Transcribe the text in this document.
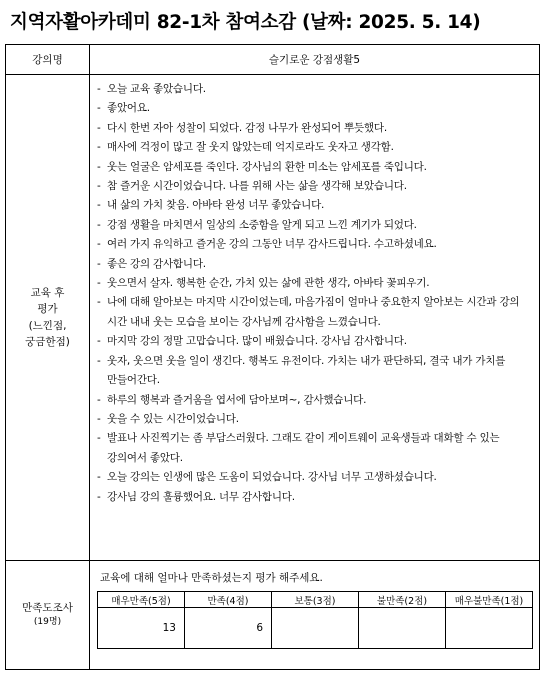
지역자활아카데미 82-1차 참여소감 (날짜: 2025. 5. 14)
강의명	슬기로운 강점생활5

교육 후
평가
(느낀점,
궁금한점)

- 오늘 교육 좋았습니다.
- 좋았어요.
- 다시 한번 자아 성찰이 되었다. 감정 나무가 완성되어 뿌듯했다.
- 매사에 걱정이 많고 잘 웃지 않았는데 억지로라도 웃자고 생각함.
- 웃는 얼굴은 암세포를 죽인다. 강사님의 환한 미소는 암세포를 죽입니다.
- 참 즐거운 시간이었습니다. 나를 위해 사는 삶을 생각해 보았습니다.
- 내 삶의 가치 찾음. 아바타 완성 너무 좋았습니다.
- 강점 생활을 마치면서 일상의 소중함을 알게 되고 느낀 계기가 되었다.
- 여러 가지 유익하고 즐거운 강의 그동안 너무 감사드립니다. 수고하셨네요.
- 좋은 강의 감사합니다.
- 웃으면서 살자. 행복한 순간, 가치 있는 삶에 관한 생각, 아바타 꽃피우기.
- 나에 대해 알아보는 마지막 시간이었는데, 마음가짐이 얼마나 중요한지 알아보는 시간과 강의 시간 내내 웃는 모습을 보이는 강사님께 감사함을 느꼈습니다.
- 마지막 강의 정말 고맙습니다. 많이 배웠습니다. 강사님 감사합니다.
- 웃자, 웃으면 웃을 일이 생긴다. 행복도 유전이다. 가치는 내가 판단하되, 결국 내가 가치를 만들어간다.
- 하루의 행복과 즐거움을 엽서에 담아보며~, 감사했습니다.
- 웃을 수 있는 시간이었습니다.
- 발표나 사진찍기는 좀 부담스러웠다. 그래도 같이 게이트웨이 교육생들과 대화할 수 있는 강의여서 좋았다.
- 오늘 강의는 인생에 많은 도움이 되었습니다. 강사님 너무 고생하셨습니다.
- 강사님 강의 훌륭했어요. 너무 감사합니다.

만족도조사
(19명)

교육에 대해 얼마나 만족하셨는지 평가 해주세요.
매우만족(5점)	만족(4점)	보통(3점)	불만족(2점)	매우불만족(1점)
13	6			
